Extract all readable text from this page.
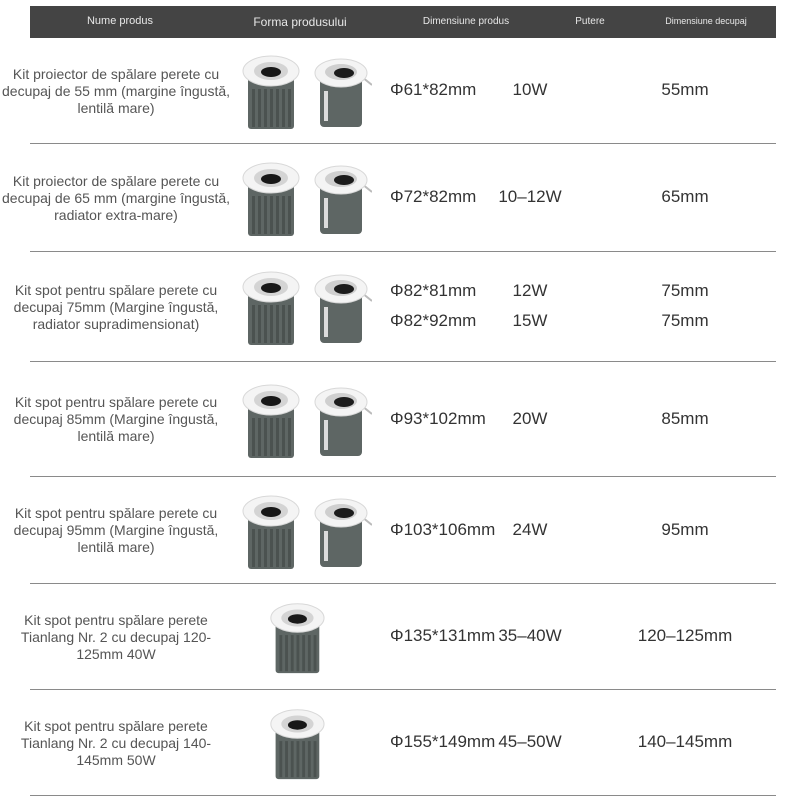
Nume produs	Forma produsului	Dimensiune produs	Putere	Dimensiune decupaj
Kit proiector de spălare perete cu decupaj de 55 mm (margine îngustă, lentilă mare)
Φ61*82mm	10W	55mm
Kit proiector de spălare perete cu decupaj de 65 mm (margine îngustă, radiator extra-mare)
Φ72*82mm	10–12W	65mm
Kit spot pentru spălare perete cu decupaj 75mm (Margine îngustă, radiator supradimensionat)
Φ82*81mm	12W	75mm
Φ82*92mm	15W	75mm
Kit spot pentru spălare perete cu decupaj 85mm (Margine îngustă, lentilă mare)
Φ93*102mm	20W	85mm
Kit spot pentru spălare perete cu decupaj 95mm (Margine îngustă, lentilă mare)
Φ103*106mm	24W	95mm
Kit spot pentru spălare perete Tianlang Nr. 2 cu decupaj 120-125mm 40W
Φ135*131mm 35–40W	120–125mm
Kit spot pentru spălare perete Tianlang Nr. 2 cu decupaj 140-145mm 50W
Φ155*149mm 45–50W	140–145mm
